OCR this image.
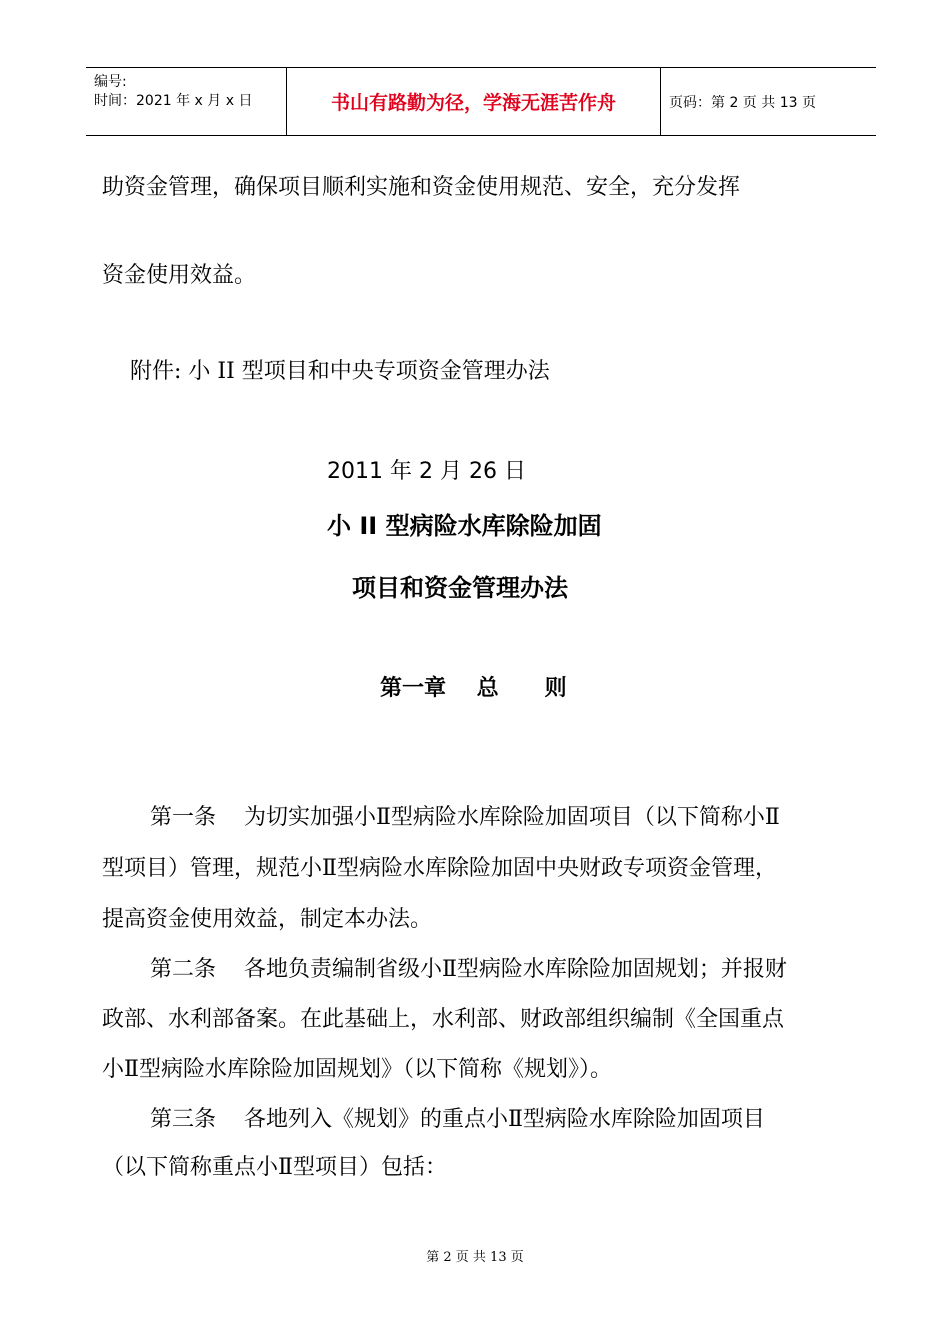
编号:
时间：2021 年 x 月 x 日	书山有路勤为径，学海无涯苦作舟	页码：第 2 页 共 13 页
助资金管理，确保项目顺利实施和资金使用规范、安全，充分发挥
资金使用效益。
附件: 小 II 型项目和中央专项资金管理办法
2011 年 2 月 26 日
小 II 型病险水库除险加固
项目和资金管理办法
第一章    总      则
第一条    为切实加强小Ⅱ型病险水库除险加固项目（以下简称小Ⅱ
型项目）管理，规范小Ⅱ型病险水库除险加固中央财政专项资金管理，
提高资金使用效益，制定本办法。
第二条    各地负责编制省级小Ⅱ型病险水库除险加固规划；并报财
政部、水利部备案。在此基础上，水利部、财政部组织编制《全国重点
小Ⅱ型病险水库除险加固规划》（以下简称《规划》）。
第三条    各地列入《规划》的重点小Ⅱ型病险水库除险加固项目
（以下简称重点小Ⅱ型项目）包括：
第 2 页 共 13 页
